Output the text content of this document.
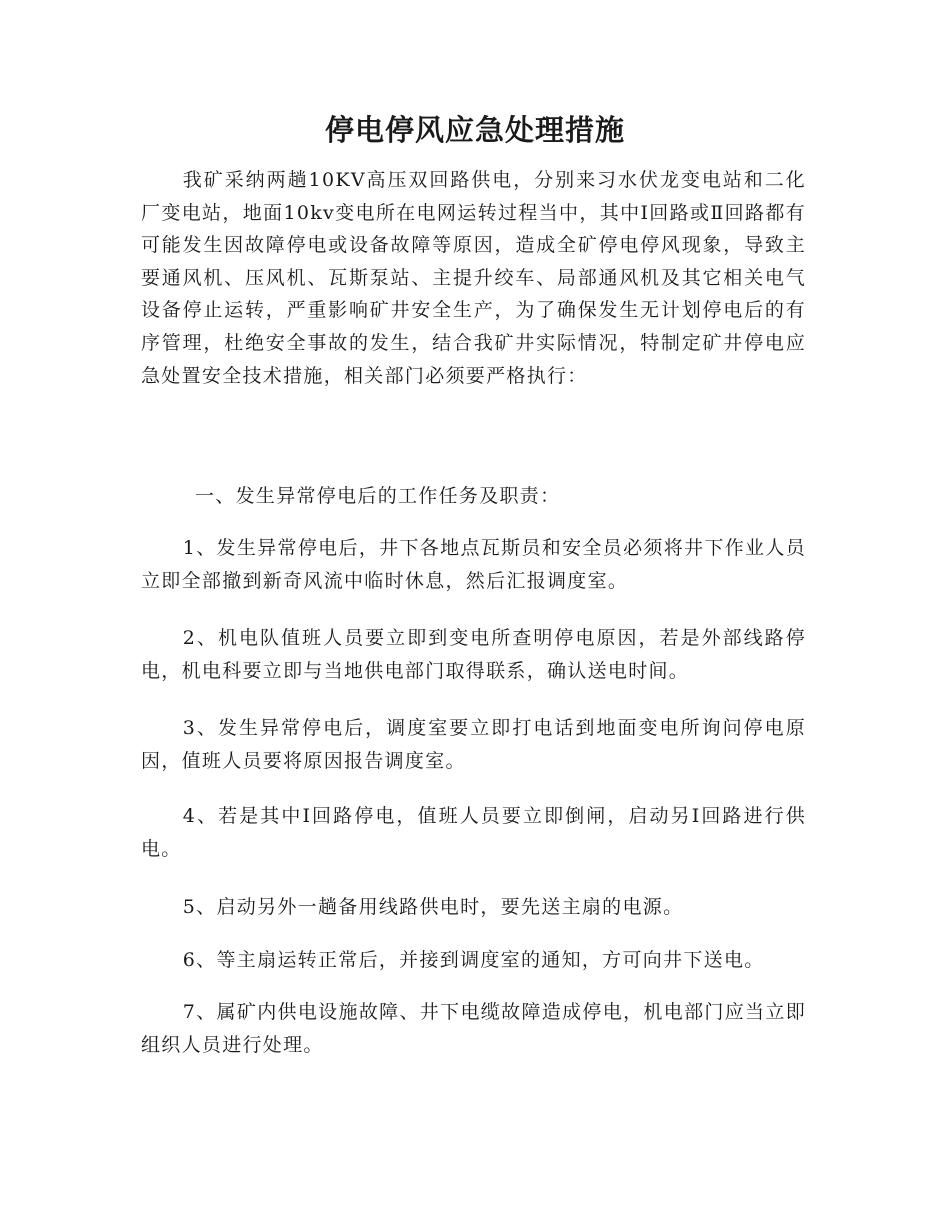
停电停风应急处理措施

我矿采纳两趟10KV高压双回路供电，分别来习水伏龙变电站和二化厂变电站，地面10kv变电所在电网运转过程当中，其中Ⅰ回路或Ⅱ回路都有可能发生因故障停电或设备故障等原因，造成全矿停电停风现象，导致主要通风机、压风机、瓦斯泵站、主提升绞车、局部通风机及其它相关电气设备停止运转，严重影响矿井安全生产，为了确保发生无计划停电后的有序管理，杜绝安全事故的发生，结合我矿井实际情况，特制定矿井停电应急处置安全技术措施，相关部门必须要严格执行：

一、发生异常停电后的工作任务及职责：

1、发生异常停电后，井下各地点瓦斯员和安全员必须将井下作业人员立即全部撤到新奇风流中临时休息，然后汇报调度室。

2、机电队值班人员要立即到变电所查明停电原因，若是外部线路停电，机电科要立即与当地供电部门取得联系，确认送电时间。

3、发生异常停电后，调度室要立即打电话到地面变电所询问停电原因，值班人员要将原因报告调度室。

4、若是其中Ⅰ回路停电，值班人员要立即倒闸，启动另Ⅰ回路进行供电。

5、启动另外一趟备用线路供电时，要先送主扇的电源。

6、等主扇运转正常后，并接到调度室的通知，方可向井下送电。

7、属矿内供电设施故障、井下电缆故障造成停电，机电部门应当立即组织人员进行处理。
